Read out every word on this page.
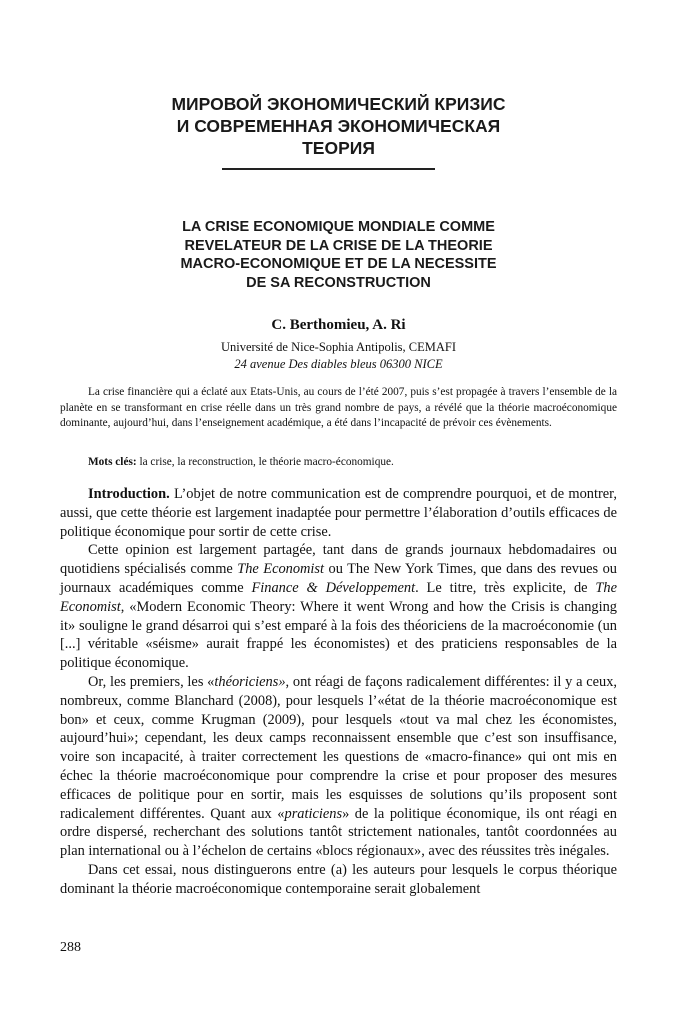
МИРОВОЙ ЭКОНОМИЧЕСКИЙ КРИЗИС
И СОВРЕМЕННАЯ ЭКОНОМИЧЕСКАЯ
ТЕОРИЯ
LA CRISE ECONOMIQUE MONDIALE COMME
REVELATEUR DE LA CRISE DE LA THEORIE
MACRO-ECONOMIQUE ET DE LA NECESSITE
DE SA RECONSTRUCTION
C. Berthomieu, A. Ri
Université de Nice-Sophia Antipolis, CEMAFI
24 avenue Des diables bleus 06300 NICE
La crise financière qui a éclaté aux Etats-Unis, au cours de l’été 2007, puis s’est propagée à travers l’ensemble de la planète en se transformant en crise réelle dans un très grand nombre de pays, a révélé que la théorie macroéconomique dominante, aujourd’hui, dans l’enseignement académique, a été dans l’incapacité de prévoir ces évènements.
Mots clés: la crise, la reconstruction, le théorie macro-économique.

Introduction. L’objet de notre communication est de comprendre pourquoi, et de montrer, aussi, que cette théorie est largement inadaptée pour permettre l’élaboration d’outils efficaces de politique économique pour sortir de cette crise.

Cette opinion est largement partagée, tant dans de grands journaux hebdomadaires ou quotidiens spécialisés comme The Economist ou The New York Times, que dans des revues ou journaux académiques comme Finance & Développement. Le titre, très explicite, de The Economist, «Modern Economic Theory: Where it went Wrong and how the Crisis is changing it» souligne le grand désarroi qui s’est emparé à la fois des théoriciens de la macroéconomie (un [...] véritable «séisme» aurait frappé les économistes) et des praticiens responsables de la politique économique.

Or, les premiers, les «théoriciens», ont réagi de façons radicalement différentes: il y a ceux, nombreux, comme Blanchard (2008), pour lesquels l’«état de la théorie macroéconomique est bon» et ceux, comme Krugman (2009), pour lesquels «tout va mal chez les économistes, aujourd’hui»; cependant, les deux camps reconnaissent ensemble que c’est son insuffisance, voire son incapacité, à traiter correctement les questions de «macro-finance» qui ont mis en échec la théorie macroéconomique pour comprendre la crise et pour proposer des mesures efficaces de politique pour en sortir, mais les esquisses de solutions qu’ils proposent sont radicalement différentes. Quant aux «praticiens» de la politique économique, ils ont réagi en ordre dispersé, recherchant des solutions tantôt strictement nationales, tantôt coordonnées au plan international ou à l’échelon de certains «blocs régionaux», avec des réussites très inégales.

Dans cet essai, nous distinguerons entre (a) les auteurs pour lesquels le corpus théorique dominant la théorie macroéconomique contemporaine serait globalement

288
